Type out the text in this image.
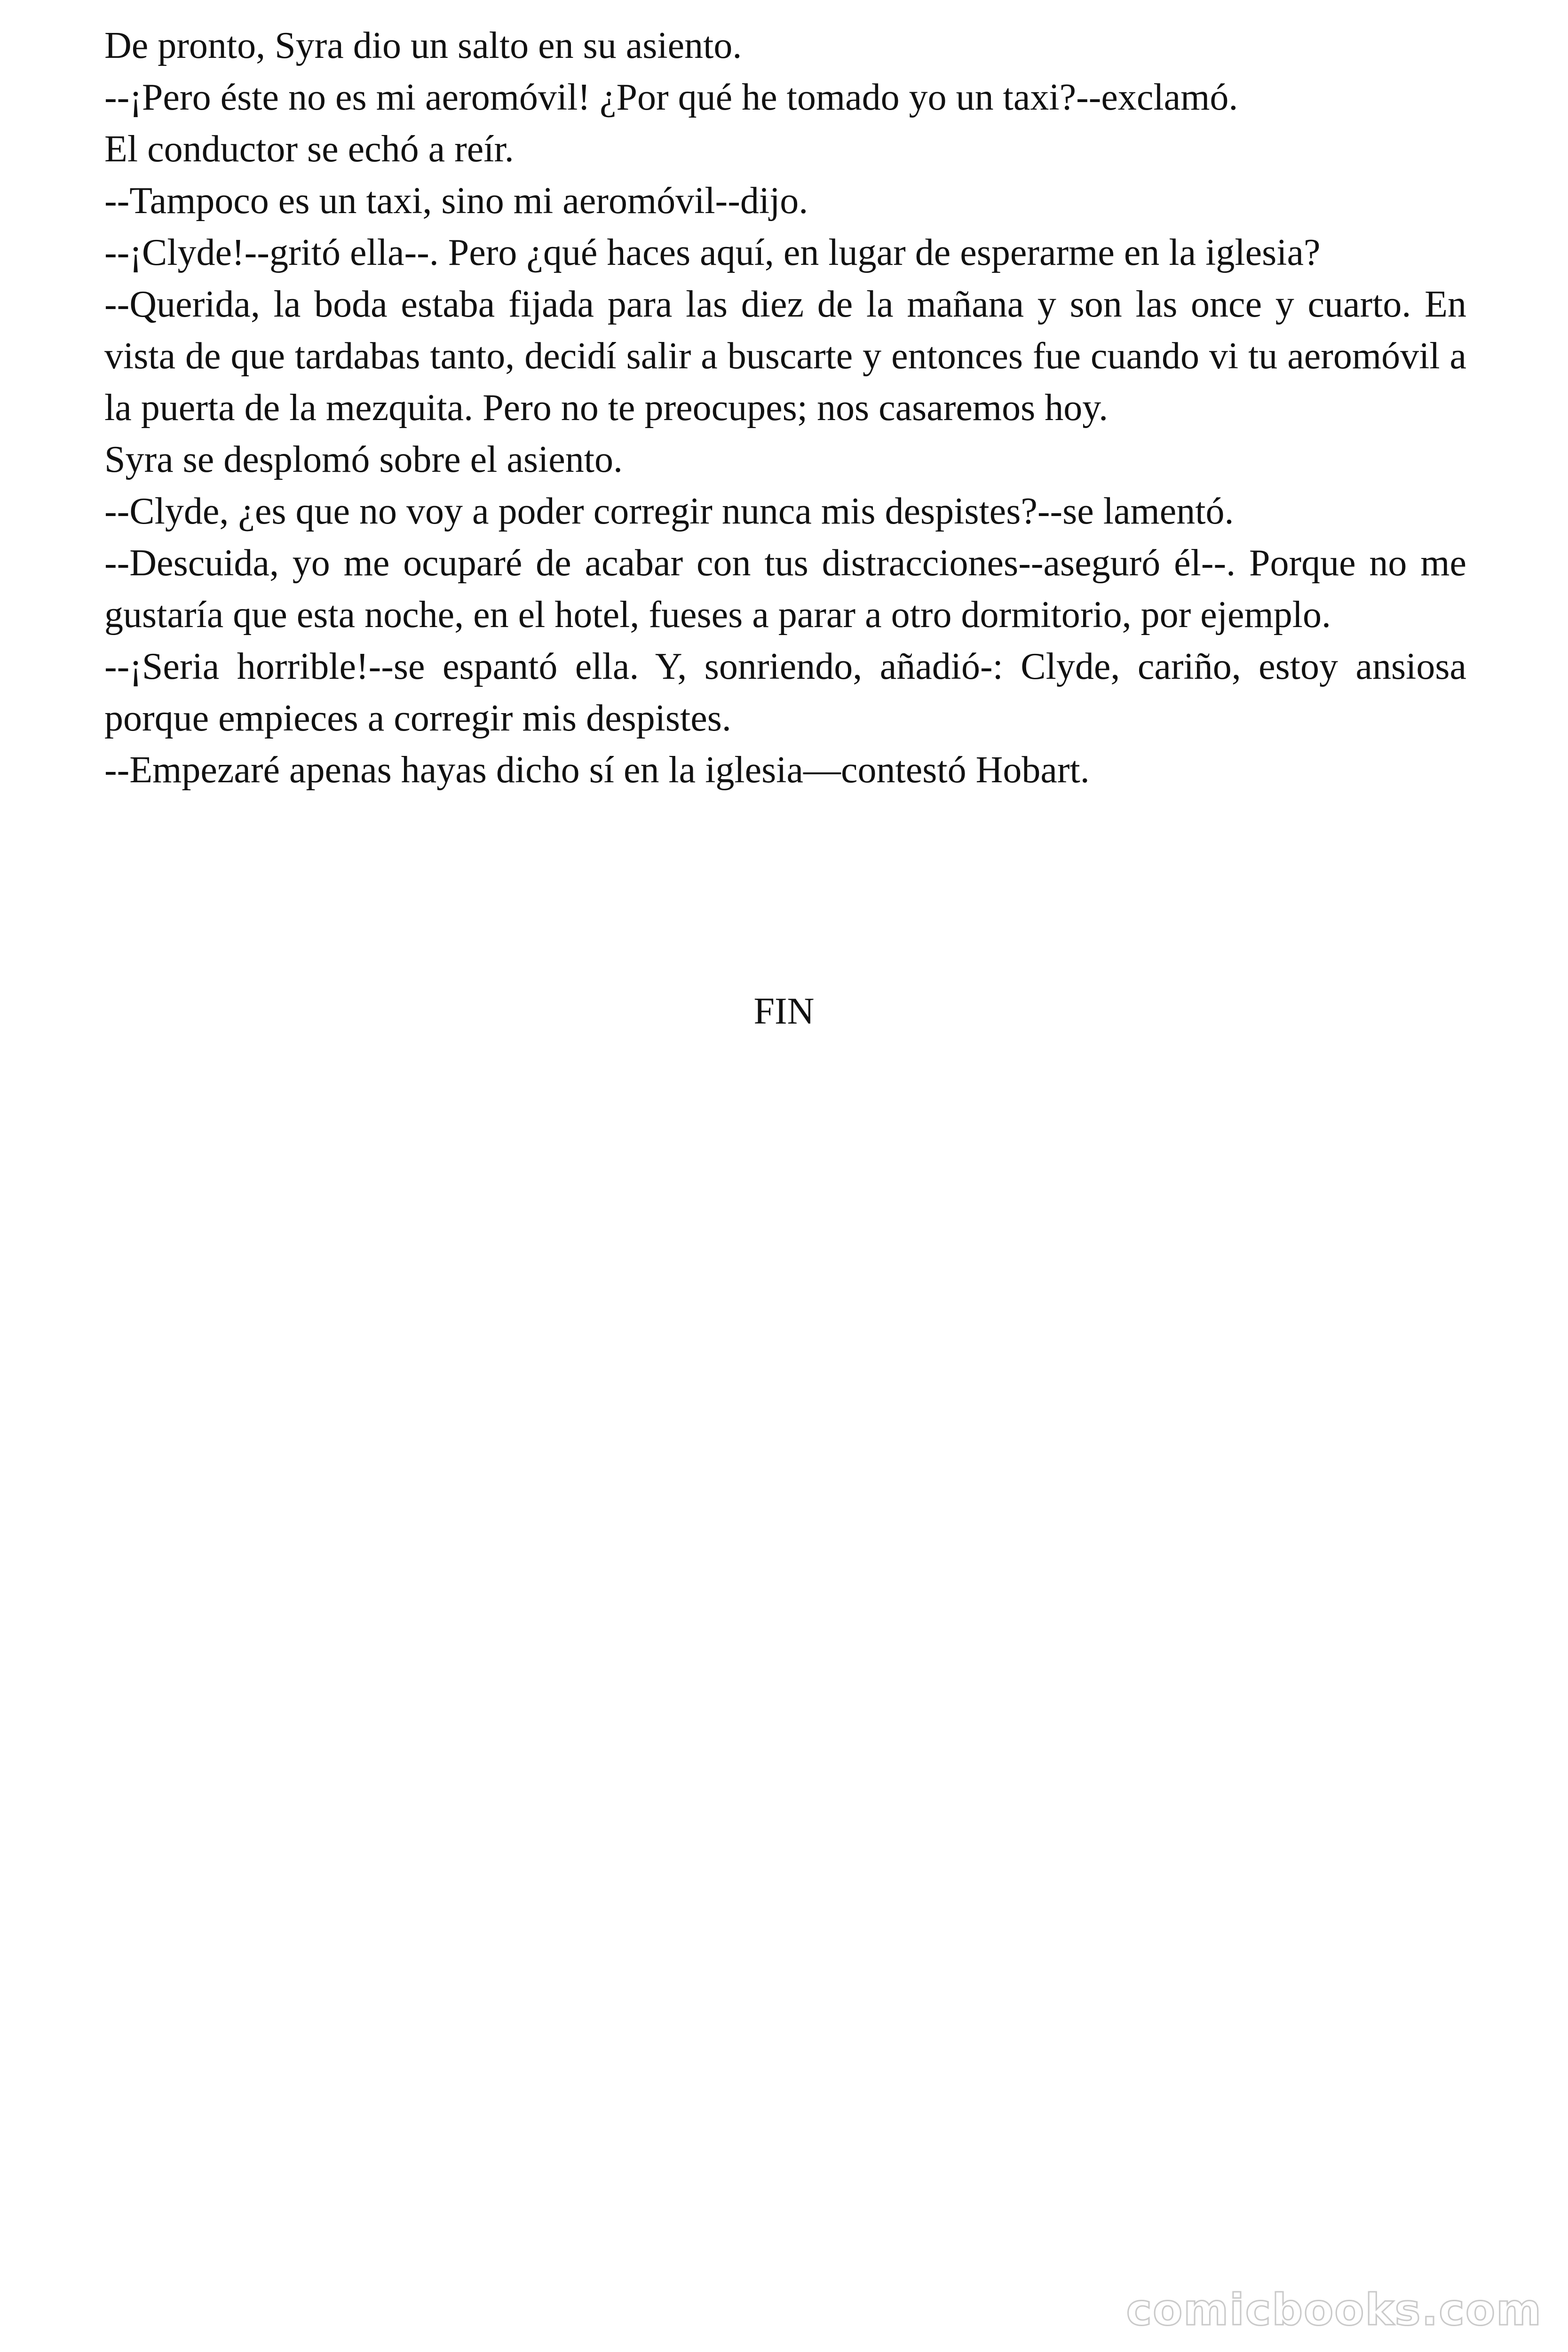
De pronto, Syra dio un salto en su asiento.

--¡Pero éste no es mi aeromóvil! ¿Por qué he tomado yo un taxi?--exclamó.

El conductor se echó a reír.

--Tampoco es un taxi, sino mi aeromóvil--dijo.

--¡Clyde!--gritó ella--. Pero ¿qué haces aquí, en lugar de esperarme en la iglesia?

--Querida, la boda estaba fijada para las diez de la mañana y son las once y cuarto. En vista de que tardabas tanto, decidí salir a buscarte y entonces fue cuando vi tu aeromóvil a la puerta de la mezquita. Pero no te preocupes; nos casaremos hoy.

Syra se desplomó sobre el asiento.

--Clyde, ¿es que no voy a poder corregir nunca mis despistes?--se lamentó.

--Descuida, yo me ocuparé de acabar con tus distracciones--aseguró él--. Porque no me gustaría que esta noche, en el hotel, fueses a parar a otro dormitorio, por ejemplo.

--¡Seria horrible!--se espantó ella. Y, sonriendo, añadió-: Clyde, cariño, estoy ansiosa porque empieces a corregir mis despistes.

--Empezaré apenas hayas dicho sí en la iglesia—contestó Hobart.

FIN

comicbooks.com
